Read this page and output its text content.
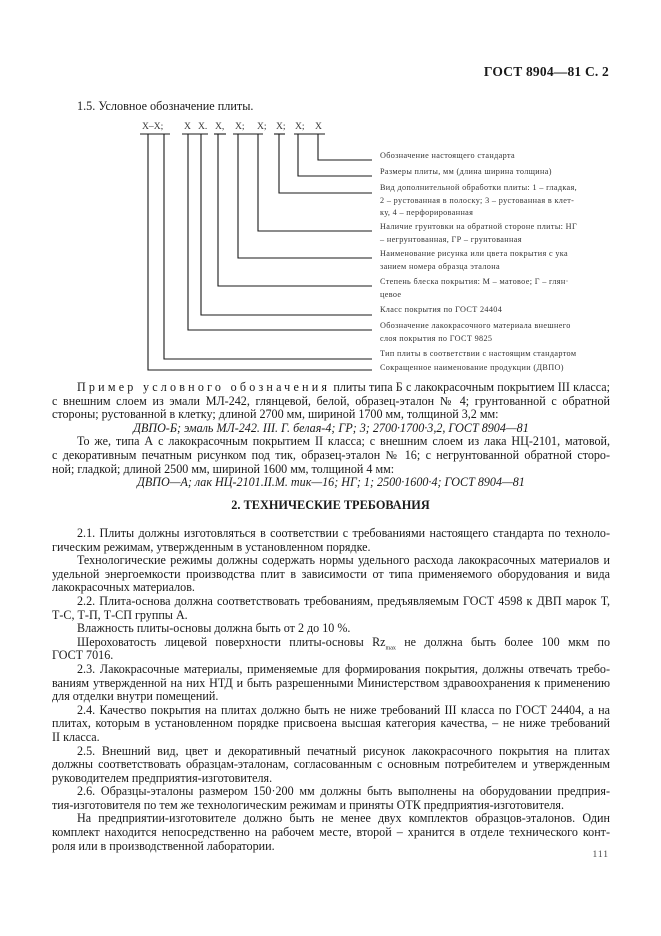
ГОСТ 8904—81 С. 2
1.5. Условное обозначение плиты.
Х–Х; Х Х. Х, Х; Х; Х; Х; Х
Обозначение настоящего стандарта
Размеры плиты, мм (длина ширина толщина)
Вид дополнительной обработки плиты: 1 – гладкая,
2 – рустованная в полоску; 3 – рустованная в клет-
ку, 4 – перфорированная
Наличие грунтовки на обратной стороне плиты: НГ
– негрунтованная, ГР – грунтованная
Наименование рисунка или цвета покрытия с ука
занием номера образца эталона
Степень блеска покрытия: М – матовое; Г – глян·
цевое
Класс покрытия по ГОСТ 24404
Обозначение лакокрасочного материала внешнего
слоя покрытия по ГОСТ 9825
Тип плиты в соответствии с настоящим стандартом
Сокращенное наименование продукции (ДВПО)
Пример условного обозначения плиты типа Б с лакокрасочным покрытием III класса;
с внешним слоем из эмали МЛ-242, глянцевой, белой, образец-эталон № 4; грунтованной с обратной
стороны; рустованной в клетку; длиной 2700 мм, шириной 1700 мм, толщиной 3,2 мм:
ДВПО-Б; эмаль МЛ-242. III. Г. белая-4; ГР; 3; 2700·1700·3,2, ГОСТ 8904—81
То же, типа А с лакокрасочным покрытием II класса; с внешним слоем из лака НЦ-2101, матовой,
с декоративным печатным рисунком под тик, образец-эталон № 16; с негрунтованной обратной сторо-
ной; гладкой; длиной 2500 мм, шириной 1600 мм, толщиной 4 мм:
ДВПО—А; лак НЦ-2101.II.М. тик—16; НГ; 1; 2500·1600·4; ГОСТ 8904—81
2. ТЕХНИЧЕСКИЕ ТРЕБОВАНИЯ
2.1. Плиты должны изготовляться в соответствии с требованиями настоящего стандарта по техноло-
гическим режимам, утвержденным в установленном порядке.
Технологические режимы должны содержать нормы удельного расхода лакокрасочных материалов и
удельной энергоемкости производства плит в зависимости от типа применяемого оборудования и вида
лакокрасочных материалов.
2.2. Плита-основа должна соответствовать требованиям, предъявляемым ГОСТ 4598 к ДВП марок Т,
Т-С, Т-П, Т-СП группы А.
Влажность плиты-основы должна быть от 2 до 10 %.
Шероховатость лицевой поверхности плиты-основы $Rz_{max}$ не должна быть более 100 мкм по
ГОСТ 7016.
2.3. Лакокрасочные материалы, применяемые для формирования покрытия, должны отвечать требо-
ваниям утвержденной на них НТД и быть разрешенными Министерством здравоохранения к применению
для отделки внутри помещений.
2.4. Качество покрытия на плитах должно быть не ниже требований III класса по ГОСТ 24404, а на
плитах, которым в установленном порядке присвоена высшая категория качества, – не ниже требований
II класса.
2.5. Внешний вид, цвет и декоративный печатный рисунок лакокрасочного покрытия на плитах
должны соответствовать образцам-эталонам, согласованным с основным потребителем и утвержденным
руководителем предприятия-изготовителя.
2.6. Образцы-эталоны размером 150·200 мм должны быть выполнены на оборудовании предприя-
тия-изготовителя по тем же технологическим режимам и приняты ОТК предприятия-изготовителя.
На предприятии-изготовителе должно быть не менее двух комплектов образцов-эталонов. Один
комплект находится непосредственно на рабочем месте, второй – хранится в отделе технического конт-
роля или в производственной лаборатории.
111
